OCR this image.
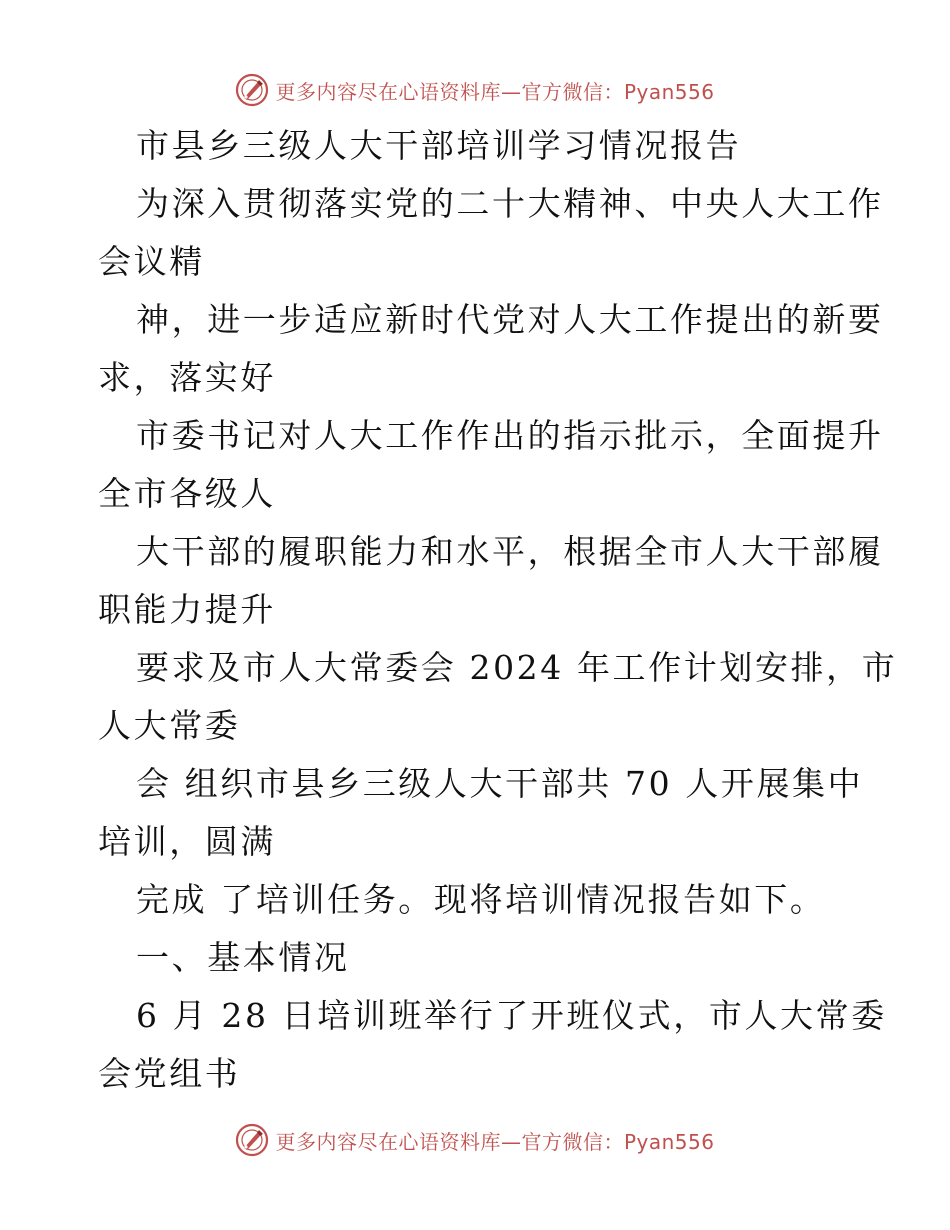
更多内容尽在心语资料库—官方微信：Pyan556
市县乡三级人大干部培训学习情况报告
为深入贯彻落实党的二十大精神、中央人大工作
会议精
神，进一步适应新时代党对人大工作提出的新要
求，落实好
市委书记对人大工作作出的指示批示，全面提升
全市各级人
大干部的履职能力和水平，根据全市人大干部履
职能力提升
要求及市人大常委会 2024 年工作计划安排，市
人大常委
会 组织市县乡三级人大干部共 70 人开展集中
培训，圆满
完成 了培训任务。现将培训情况报告如下。
一、基本情况
6 月 28 日培训班举行了开班仪式，市人大常委
会党组书
更多内容尽在心语资料库—官方微信：Pyan556
